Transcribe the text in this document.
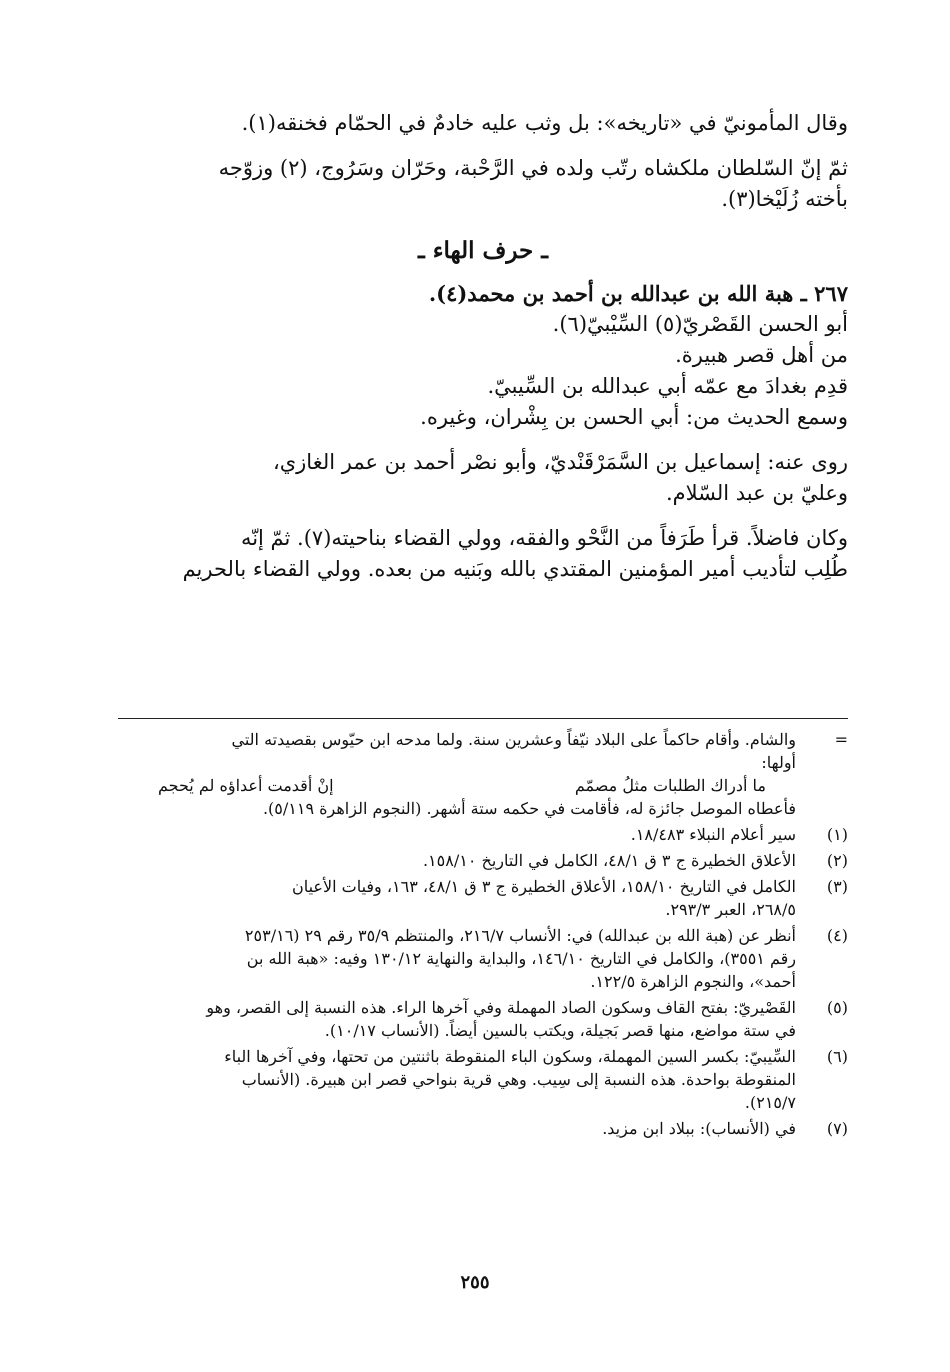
وقال المأمونيّ في «تاريخه»: بل وثب عليه خادمٌ في الحمّام فخنقه(١).
ثمّ إنّ السّلطان ملكشاه رتّب ولده في الرَّحْبة، وحَرّان وسَرُوج، (٢) وزوّجه
بأخته زُلَيْخا(٣).
ـ حرف الهاء ـ
٢٦٧ ـ هبة الله بن عبدالله بن أحمد بن محمد(٤).
أبو الحسن القَصْريّ(٥) السِّيْبيّ(٦).
من أهل قصر هبيرة.
قدِم بغدادَ مع عمّه أبي عبدالله بن السِّيبيّ.
وسمع الحديث من: أبي الحسن بن بِشْران، وغيره.
روى عنه: إسماعيل بن السَّمَرْقَنْديّ، وأبو نصْر أحمد بن عمر الغازي،
وعليّ بن عبد السّلام.
وكان فاضلاً. قرأ طَرَفاً من النَّحْو والفقه، وولي القضاء بناحيته(٧). ثمّ إنّه
طُلِب لتأديب أمير المؤمنين المقتدي بالله وبَنيه من بعده. وولي القضاء بالحريم
=
والشام. وأقام حاكماً على البلاد نيّفاً وعشرين سنة. ولما مدحه ابن حيّوس بقصيدته التي
أولها:
ما أدراك الطلبات مثلُ مصمّم
إنْ أقدمت أعداؤه لم يُحجم
فأعطاه الموصل جائزة له، فأقامت في حكمه ستة أشهر. (النجوم الزاهرة ٥/١١٩).
(١)
سير أعلام النبلاء ١٨/٤٨٣.
(٢)
الأعلاق الخطيرة ج ٣ ق ٤٨/١، الكامل في التاريخ ١٥٨/١٠.
(٣)
الكامل في التاريخ ١٥٨/١٠، الأعلاق الخطيرة ج ٣ ق ٤٨/١، ١٦٣، وفيات الأعيان
٢٦٨/٥، العبر ٢٩٣/٣.
(٤)
أنظر عن (هبة الله بن عبدالله) في: الأنساب ٢١٦/٧، والمنتظم ٣٥/٩ رقم ٢٩ (٢٥٣/١٦
رقم ٣٥٥١)، والكامل في التاريخ ١٤٦/١٠، والبداية والنهاية ١٣٠/١٢ وفيه: «هبة الله بن
أحمد»، والنجوم الزاهرة ١٢٢/٥.
(٥)
القَصْيريّ: بفتح القاف وسكون الصاد المهملة وفي آخرها الراء. هذه النسبة إلى القصر، وهو
في ستة مواضع، منها قصر بَجيلة، ويكتب بالسين أيضاً. (الأنساب ١٠/١٧).
(٦)
السِّيبيّ: بكسر السين المهملة، وسكون الباء المنقوطة باثنتين من تحتها، وفي آخرها الباء
المنقوطة بواحدة. هذه النسبة إلى سِيب. وهي قرية بنواحي قصر ابن هبيرة. (الأنساب
٢١٥/٧).
(٧)
في (الأنساب): ببلاد ابن مزيد.
٢٥٥
